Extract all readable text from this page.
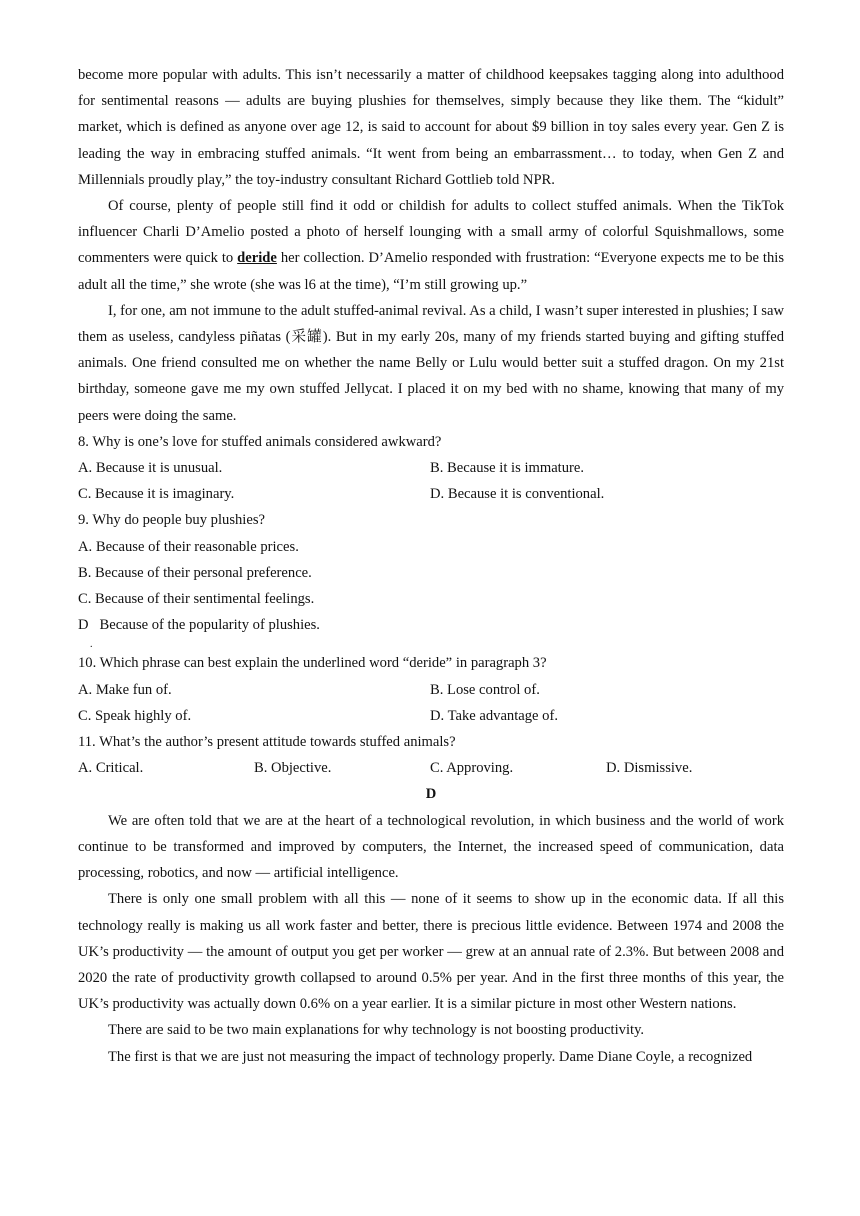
become more popular with adults. This isn’t necessarily a matter of childhood keepsakes tagging along into adulthood for sentimental reasons — adults are buying plushies for themselves, simply because they like them. The “kidult” market, which is defined as anyone over age 12, is said to account for about $9 billion in toy sales every year. Gen Z is leading the way in embracing stuffed animals. “It went from being an embarrassment… to today, when Gen Z and Millennials proudly play,” the toy-industry consultant Richard Gottlieb told NPR.

Of course, plenty of people still find it odd or childish for adults to collect stuffed animals. When the TikTok influencer Charli D’Amelio posted a photo of herself lounging with a small army of colorful Squishmallows, some commenters were quick to deride her collection. D’Amelio responded with frustration: “Everyone expects me to be this adult all the time,” she wrote (she was l6 at the time), “I’m still growing up.”

I, for one, am not immune to the adult stuffed-animal revival. As a child, I wasn’t super interested in plushies; I saw them as useless, candyless piñatas (采罐). But in my early 20s, many of my friends started buying and gifting stuffed animals. One friend consulted me on whether the name Belly or Lulu would better suit a stuffed dragon. On my 21st birthday, someone gave me my own stuffed Jellycat. I placed it on my bed with no shame, knowing that many of my peers were doing the same.

8. Why is one’s love for stuffed animals considered awkward?
A. Because it is unusual.	B. Because it is immature.
C. Because it is imaginary.	D. Because it is conventional.
9. Why do people buy plushies?
A. Because of their reasonable prices.
B. Because of their personal preference.
C. Because of their sentimental feelings.
D   Because of the popularity of plushies.
.
10. Which phrase can best explain the underlined word “deride” in paragraph 3?
A. Make fun of.	B. Lose control of.
C. Speak highly of.	D. Take advantage of.
11. What’s the author’s present attitude towards stuffed animals?
A. Critical.	B. Objective.	C. Approving.	D. Dismissive.
D

We are often told that we are at the heart of a technological revolution, in which business and the world of work continue to be transformed and improved by computers, the Internet, the increased speed of communication, data processing, robotics, and now — artificial intelligence.

There is only one small problem with all this — none of it seems to show up in the economic data. If all this technology really is making us all work faster and better, there is precious little evidence. Between 1974 and 2008 the UK’s productivity — the amount of output you get per worker — grew at an annual rate of 2.3%. But between 2008 and 2020 the rate of productivity growth collapsed to around 0.5% per year. And in the first three months of this year, the UK’s productivity was actually down 0.6% on a year earlier. It is a similar picture in most other Western nations.

There are said to be two main explanations for why technology is not boosting productivity.

The first is that we are just not measuring the impact of technology properly. Dame Diane Coyle, a recognized
